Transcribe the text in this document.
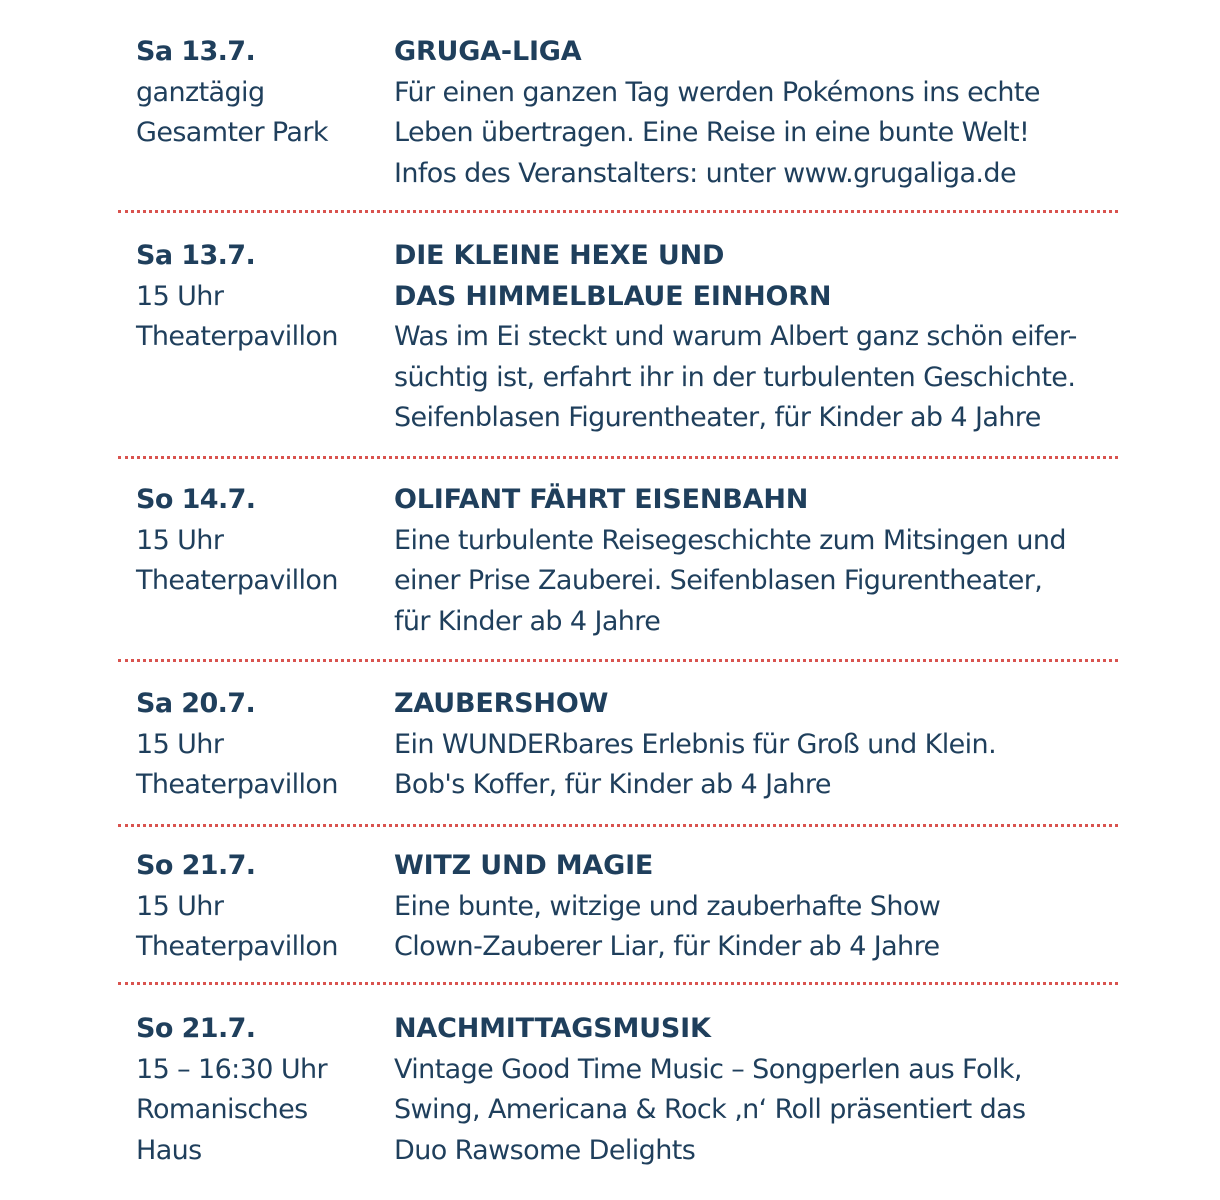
Sa 13.7.
ganztägig
Gesamter Park
GRUGA-LIGA
Für einen ganzen Tag werden Pokémons ins echte
Leben übertragen. Eine Reise in eine bunte Welt!
Infos des Veranstalters: unter www.grugaliga.de
Sa 13.7.
15 Uhr
Theaterpavillon
DIE KLEINE HEXE UND
DAS HIMMELBLAUE EINHORN
Was im Ei steckt und warum Albert ganz schön eifer-
süchtig ist, erfahrt ihr in der turbulenten Geschichte.
Seifenblasen Figurentheater, für Kinder ab 4 Jahre
So 14.7.
15 Uhr
Theaterpavillon
OLIFANT FÄHRT EISENBAHN
Eine turbulente Reisegeschichte zum Mitsingen und
einer Prise Zauberei. Seifenblasen Figurentheater,
für Kinder ab 4 Jahre
Sa 20.7.
15 Uhr
Theaterpavillon
ZAUBERSHOW
Ein WUNDERbares Erlebnis für Groß und Klein.
Bob's Koffer, für Kinder ab 4 Jahre
So 21.7.
15 Uhr
Theaterpavillon
WITZ UND MAGIE
Eine bunte, witzige und zauberhafte Show
Clown-Zauberer Liar, für Kinder ab 4 Jahre
So 21.7.
15 – 16:30 Uhr
Romanisches
Haus
NACHMITTAGSMUSIK
Vintage Good Time Music – Songperlen aus Folk,
Swing, Americana & Rock ‚n‘ Roll präsentiert das
Duo Rawsome Delights
